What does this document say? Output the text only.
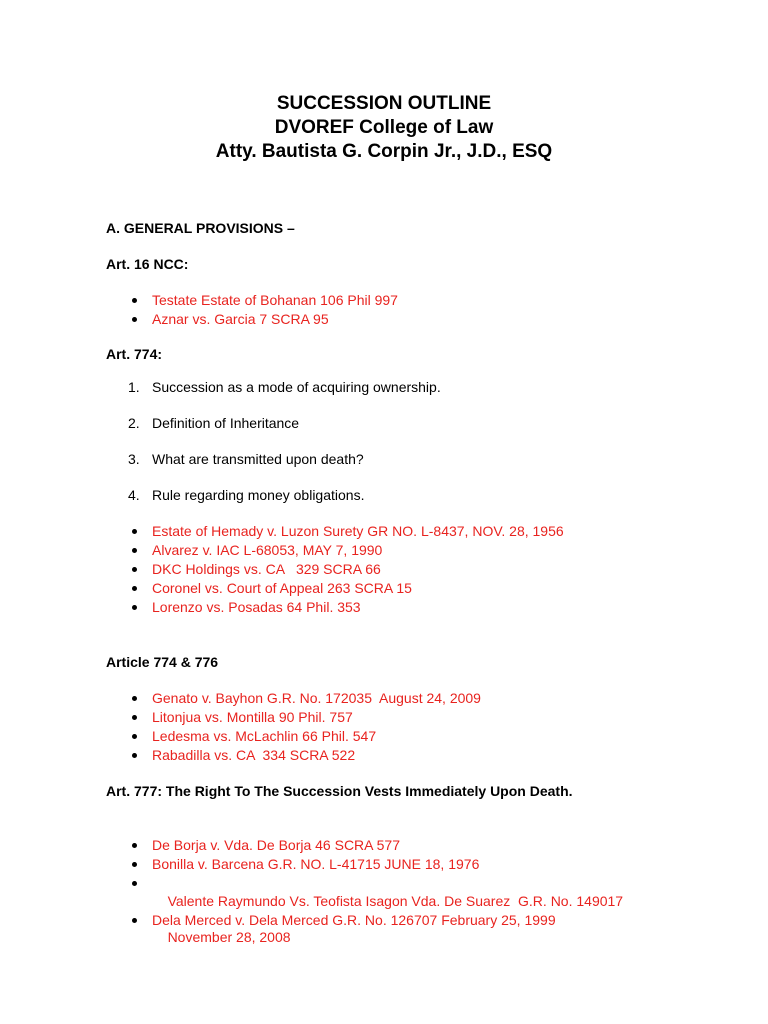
SUCCESSION OUTLINE
DVOREF College of Law
Atty. Bautista G. Corpin Jr., J.D., ESQ
A. GENERAL PROVISIONS –
Art. 16 NCC:
Testate Estate of Bohanan 106 Phil 997
Aznar vs. Garcia 7 SCRA 95
Art. 774:
1. Succession as a mode of acquiring ownership.
2. Definition of Inheritance
3. What are transmitted upon death?
4. Rule regarding money obligations.
Estate of Hemady v. Luzon Surety GR NO. L-8437, NOV. 28, 1956
Alvarez v. IAC L-68053, MAY 7, 1990
DKC Holdings vs. CA   329 SCRA 66
Coronel vs. Court of Appeal 263 SCRA 15
Lorenzo vs. Posadas 64 Phil. 353
Article 774 & 776
Genato v. Bayhon G.R. No. 172035  August 24, 2009
Litonjua vs. Montilla 90 Phil. 757
Ledesma vs. McLachlin 66 Phil. 547
Rabadilla vs. CA  334 SCRA 522
Art. 777: The Right To The Succession Vests Immediately Upon Death.
De Borja v. Vda. De Borja 46 SCRA 577
Bonilla v. Barcena G.R. NO. L-41715 JUNE 18, 1976

Valente Raymundo Vs. Teofista Isagon Vda. De Suarez  G.R. No. 149017

November 28, 2008

Dela Merced v. Dela Merced G.R. No. 126707 February 25, 1999
